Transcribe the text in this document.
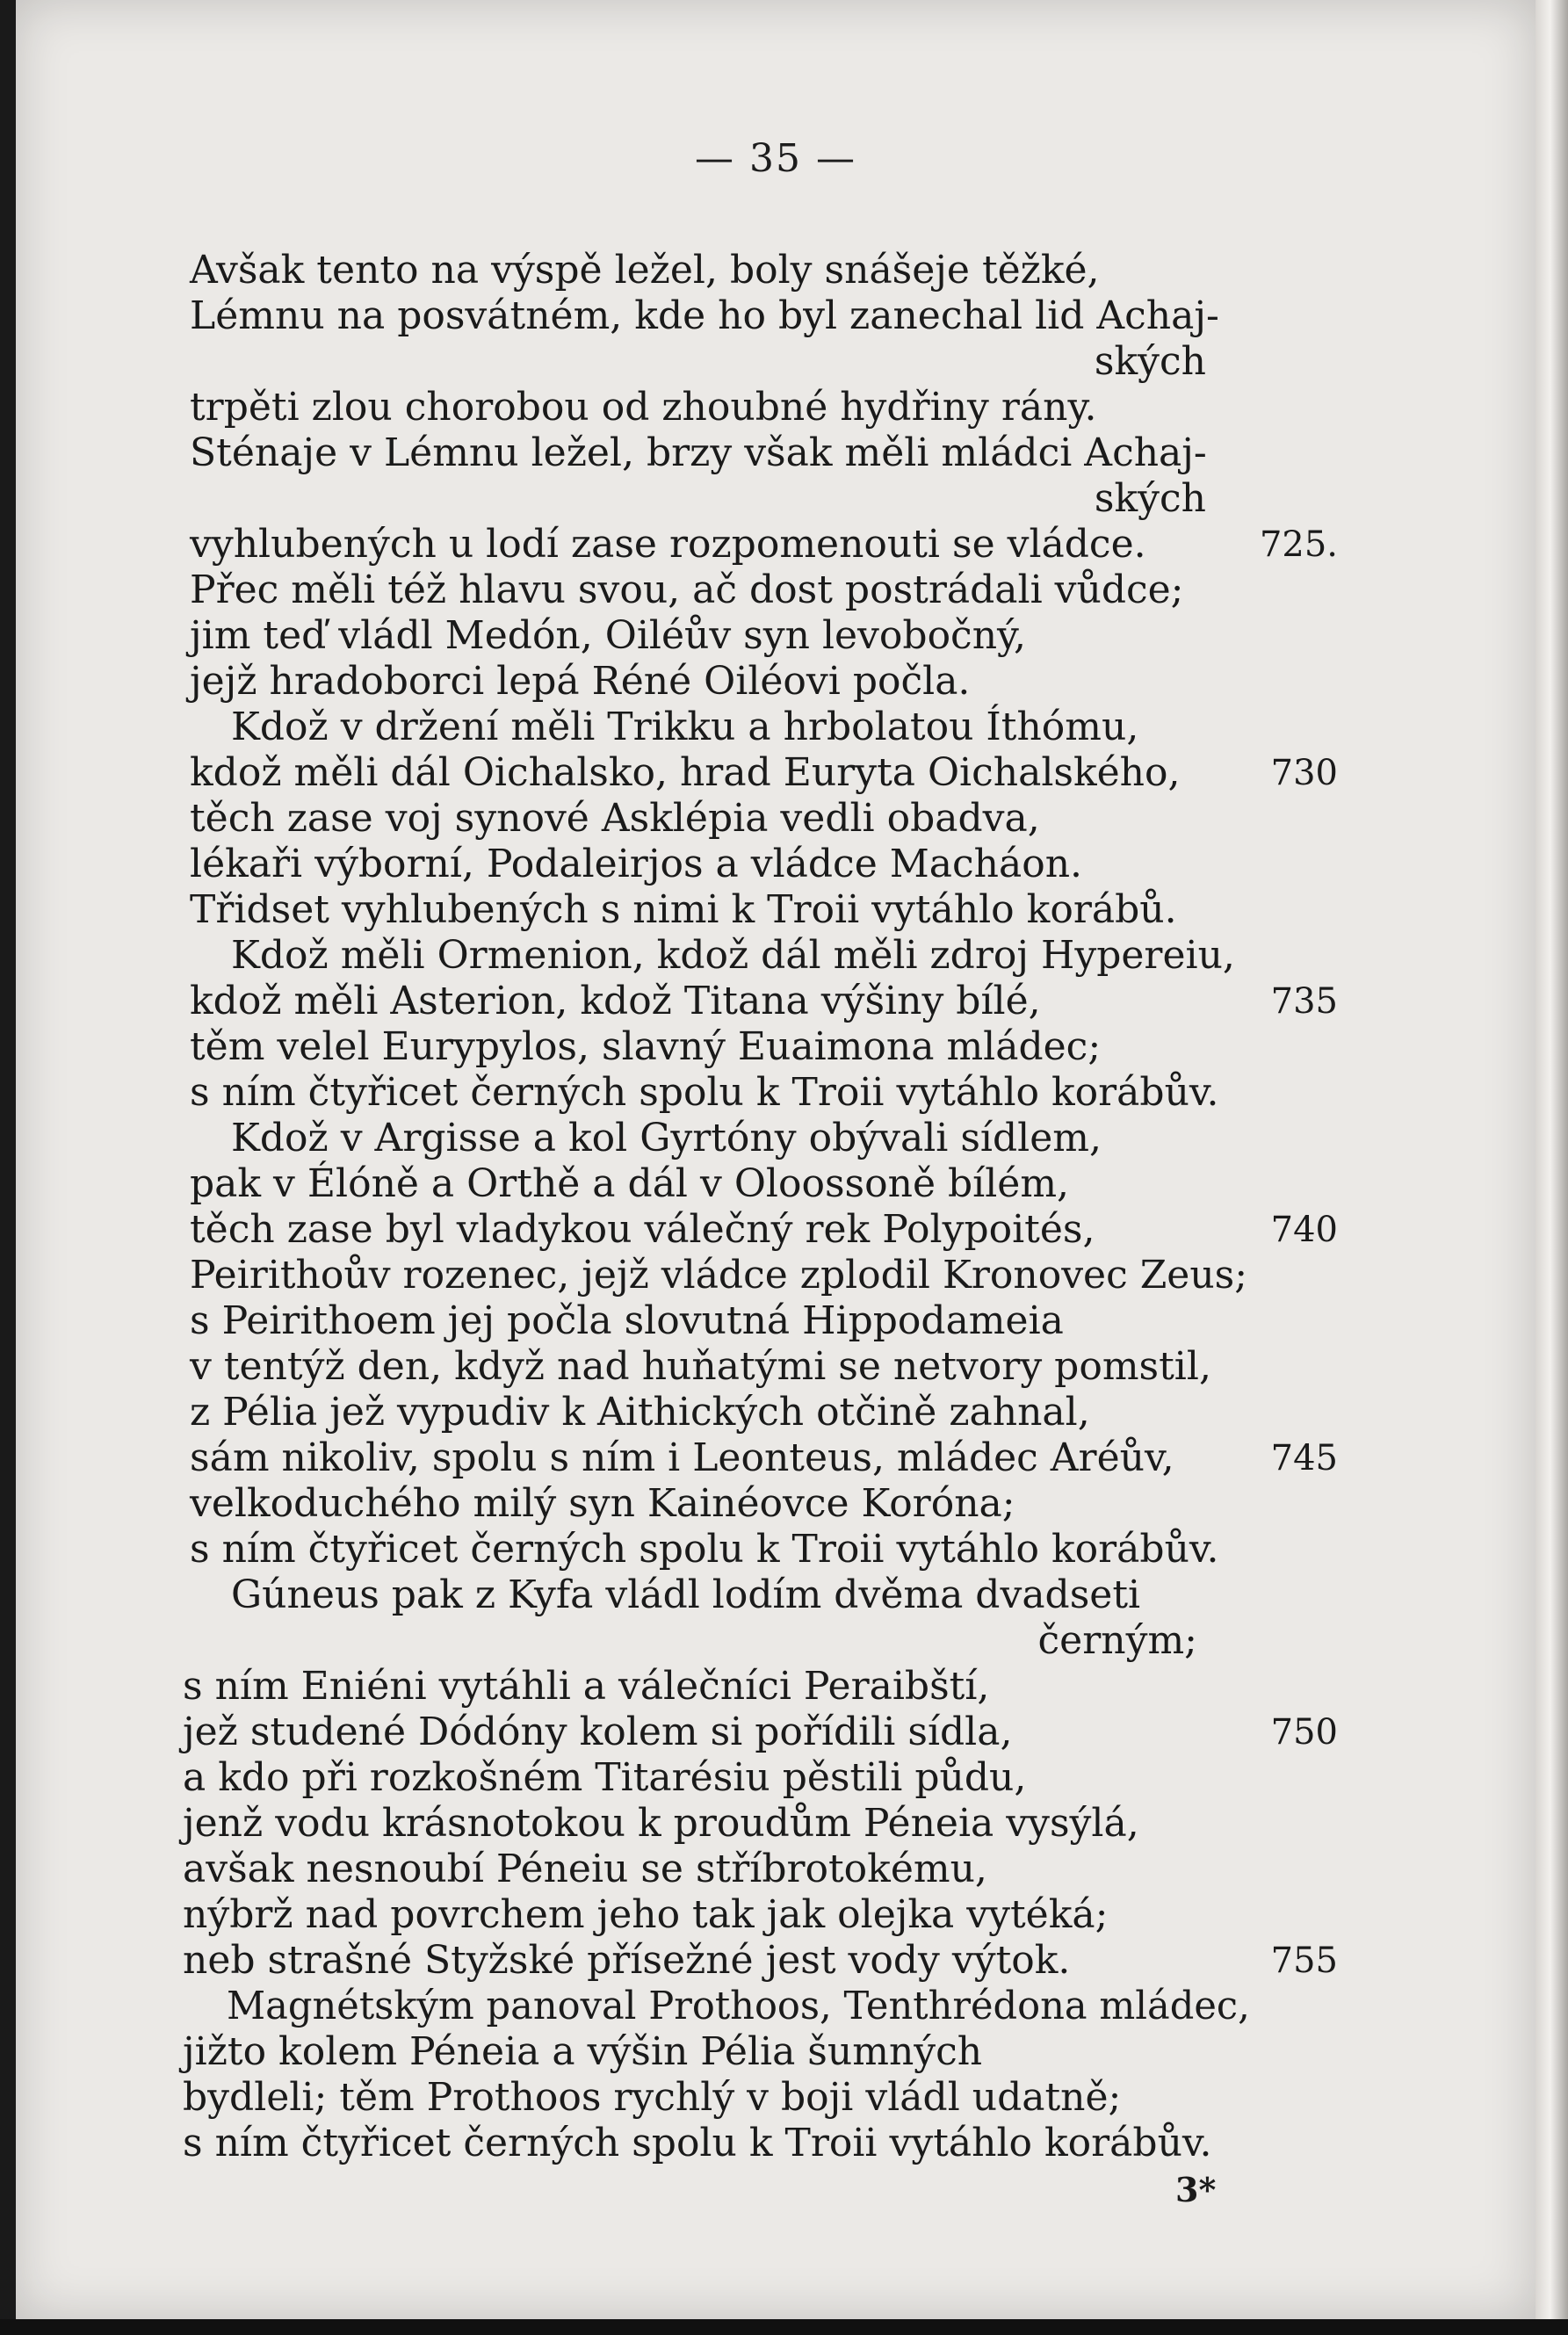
— 35 —
Avšak tento na výspě ležel, boly snášeje těžké,
Lémnu na posvátném, kde ho byl zanechal lid Achaj-
ských
trpěti zlou chorobou od zhoubné hydřiny rány.
Sténaje v Lémnu ležel, brzy však měli mládci Achaj-
ských
vyhlubených u lodí zase rozpomenouti se vládce.	725.
Přec měli též hlavu svou, ač dost postrádali vůdce;
jim teď vládl Medón, Oiléův syn levobočný,
jejž hradoborci lepá Réné Oiléovi počla.
Kdož v držení měli Trikku a hrbolatou Íthómu,
kdož měli dál Oichalsko, hrad Euryta Oichalského,	730
těch zase voj synové Asklépia vedli obadva,
lékaři výborní, Podaleirjos a vládce Macháon.
Třidset vyhlubených s nimi k Troii vytáhlo korábů.
Kdož měli Ormenion, kdož dál měli zdroj Hypereiu,
kdož měli Asterion, kdož Titana výšiny bílé,	735
těm velel Eurypylos, slavný Euaimona mládec;
s ním čtyřicet černých spolu k Troii vytáhlo korábův.
Kdož v Argisse a kol Gyrtóny obývali sídlem,
pak v Élóně a Orthě a dál v Oloossoně bílém,
těch zase byl vladykou válečný rek Polypoités,	740
Peirithoův rozenec, jejž vládce zplodil Kronovec Zeus;
s Peirithoem jej počla slovutná Hippodameia
v tentýž den, když nad huňatými se netvory pomstil,
z Pélia jež vypudiv k Aithických otčině zahnal,
sám nikoliv, spolu s ním i Leonteus, mládec Aréův,	745
velkoduchého milý syn Kainéovce Koróna;
s ním čtyřicet černých spolu k Troii vytáhlo korábův.
Gúneus pak z Kyfa vládl lodím dvěma dvadseti
černým;
s ním Eniéni vytáhli a válečníci Peraibští,
jež studené Dódóny kolem si pořídili sídla,	750
a kdo při rozkošném Titarésiu pěstili půdu,
jenž vodu krásnotokou k proudům Péneia vysýlá,
avšak nesnoubí Péneiu se stříbrotokému,
nýbrž nad povrchem jeho tak jak olejka vytéká;
neb strašné Styžské přísežné jest vody výtok.	755
Magnétským panoval Prothoos, Tenthrédona mládec,
jižto kolem Péneia a výšin Pélia šumných
bydleli; těm Prothoos rychlý v boji vládl udatně;
s ním čtyřicet černých spolu k Troii vytáhlo korábův.
3*
